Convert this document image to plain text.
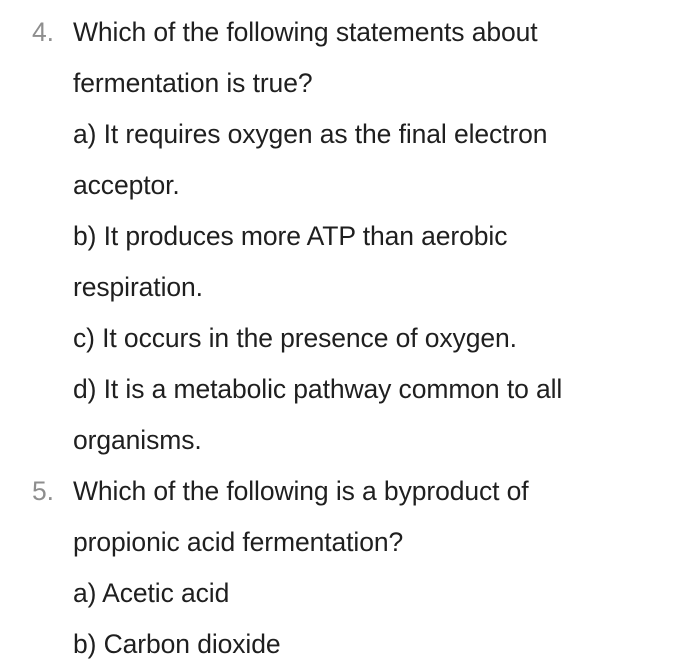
4. Which of the following statements about
fermentation is true?
a) It requires oxygen as the final electron
acceptor.
b) It produces more ATP than aerobic
respiration.
c) It occurs in the presence of oxygen.
d) It is a metabolic pathway common to all
organisms.
5. Which of the following is a byproduct of
propionic acid fermentation?
a) Acetic acid
b) Carbon dioxide
